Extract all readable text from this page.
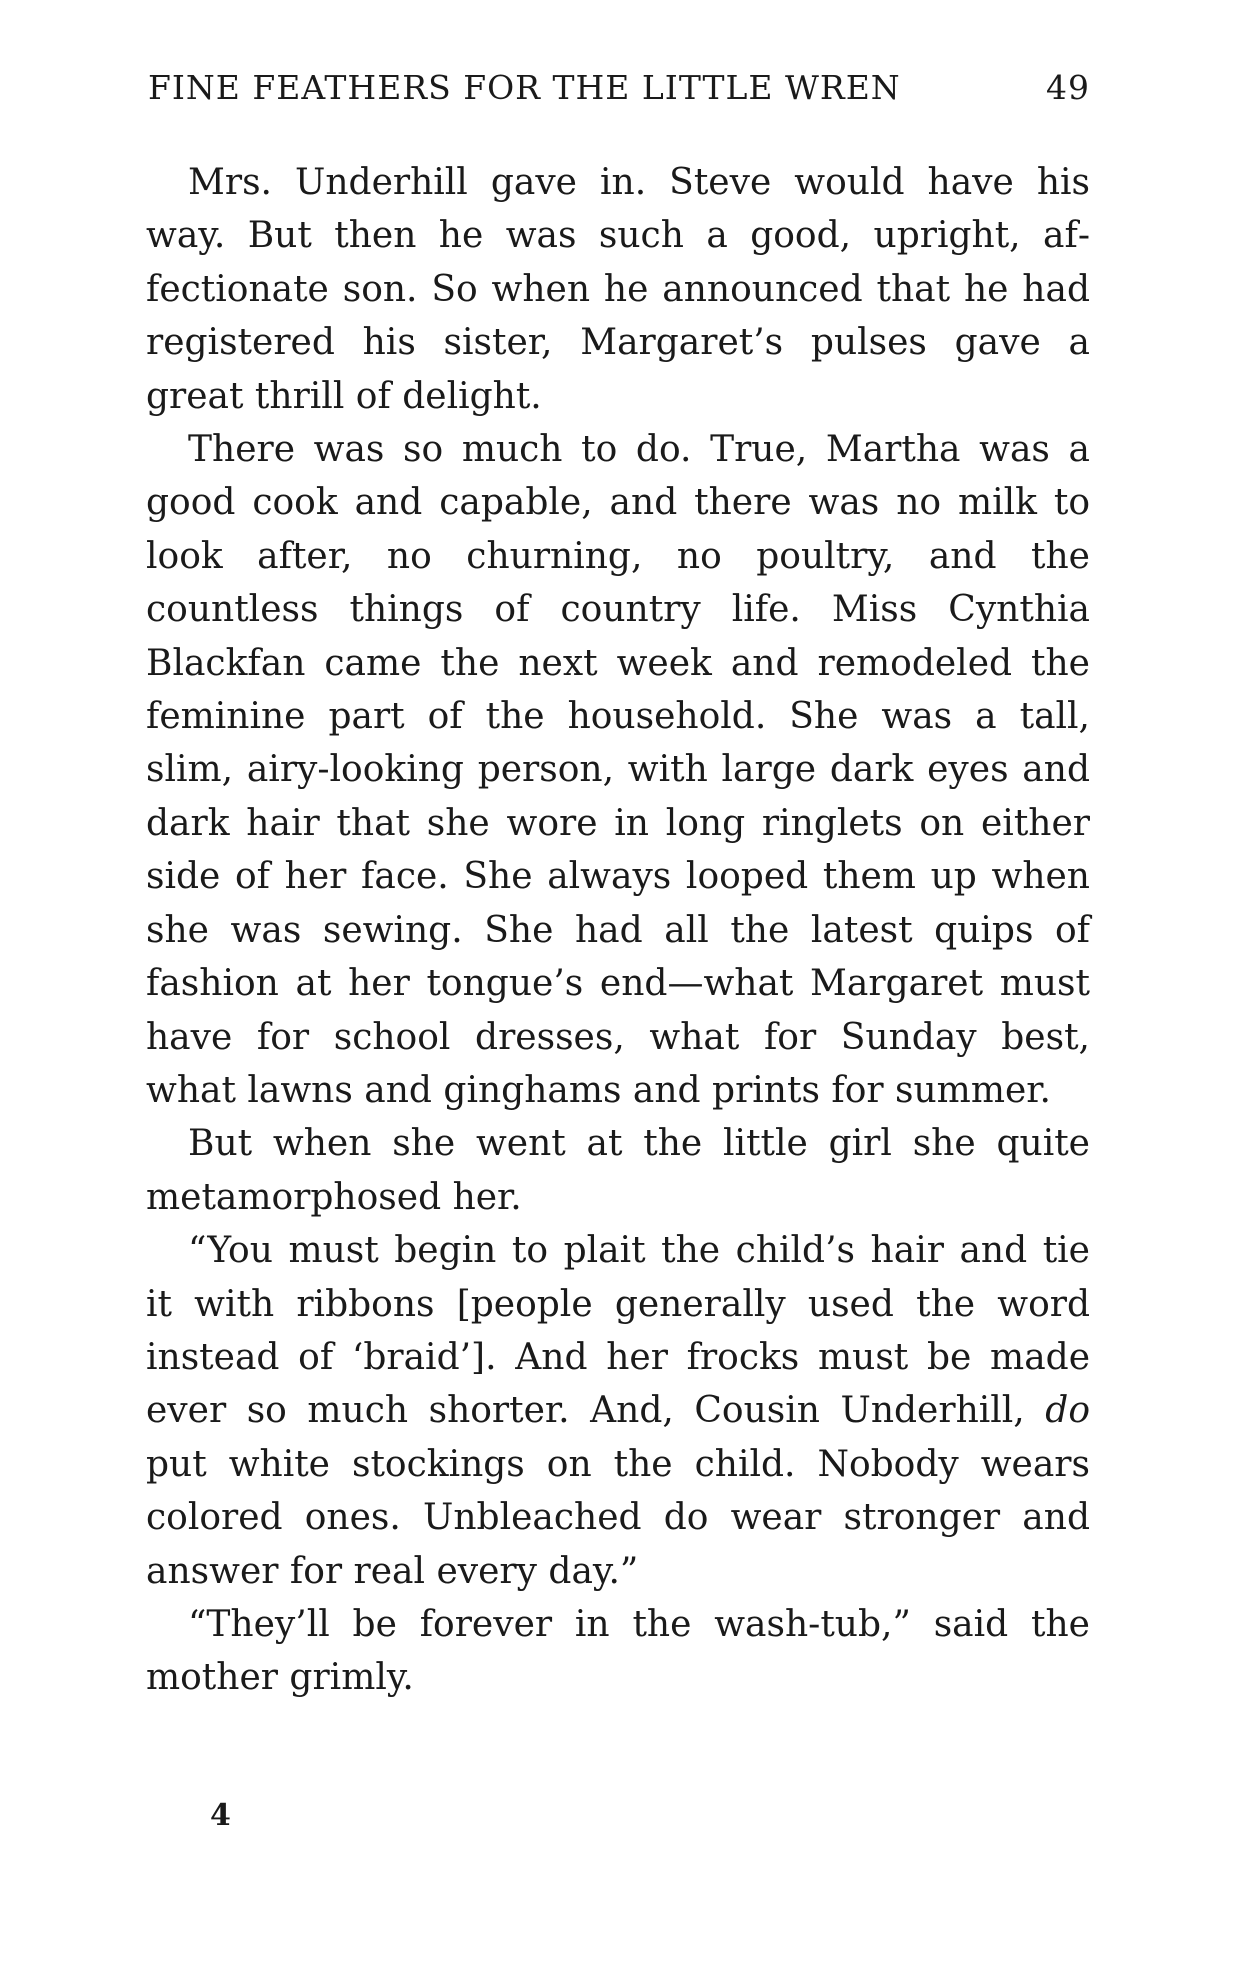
FINE FEATHERS FOR THE LITTLE WREN	49

Mrs. Underhill gave in. Steve would have his way. But then he was such a good, upright, affectionate son. So when he announced that he had registered his sister, Margaret’s pulses gave a great thrill of delight.

There was so much to do. True, Martha was a good cook and capable, and there was no milk to look after, no churning, no poultry, and the countless things of country life. Miss Cynthia Blackfan came the next week and remodeled the feminine part of the household. She was a tall, slim, airy-looking person, with large dark eyes and dark hair that she wore in long ringlets on either side of her face. She always looped them up when she was sewing. She had all the latest quips of fashion at her tongue’s end—what Margaret must have for school dresses, what for Sunday best, what lawns and ginghams and prints for summer.

But when she went at the little girl she quite metamorphosed her.

“You must begin to plait the child’s hair and tie it with ribbons [people generally used the word instead of ‘braid’]. And her frocks must be made ever so much shorter. And, Cousin Underhill, do put white stockings on the child. Nobody wears colored ones. Unbleached do wear stronger and answer for real every day.”

“They’ll be forever in the wash-tub,” said the mother grimly.

4
